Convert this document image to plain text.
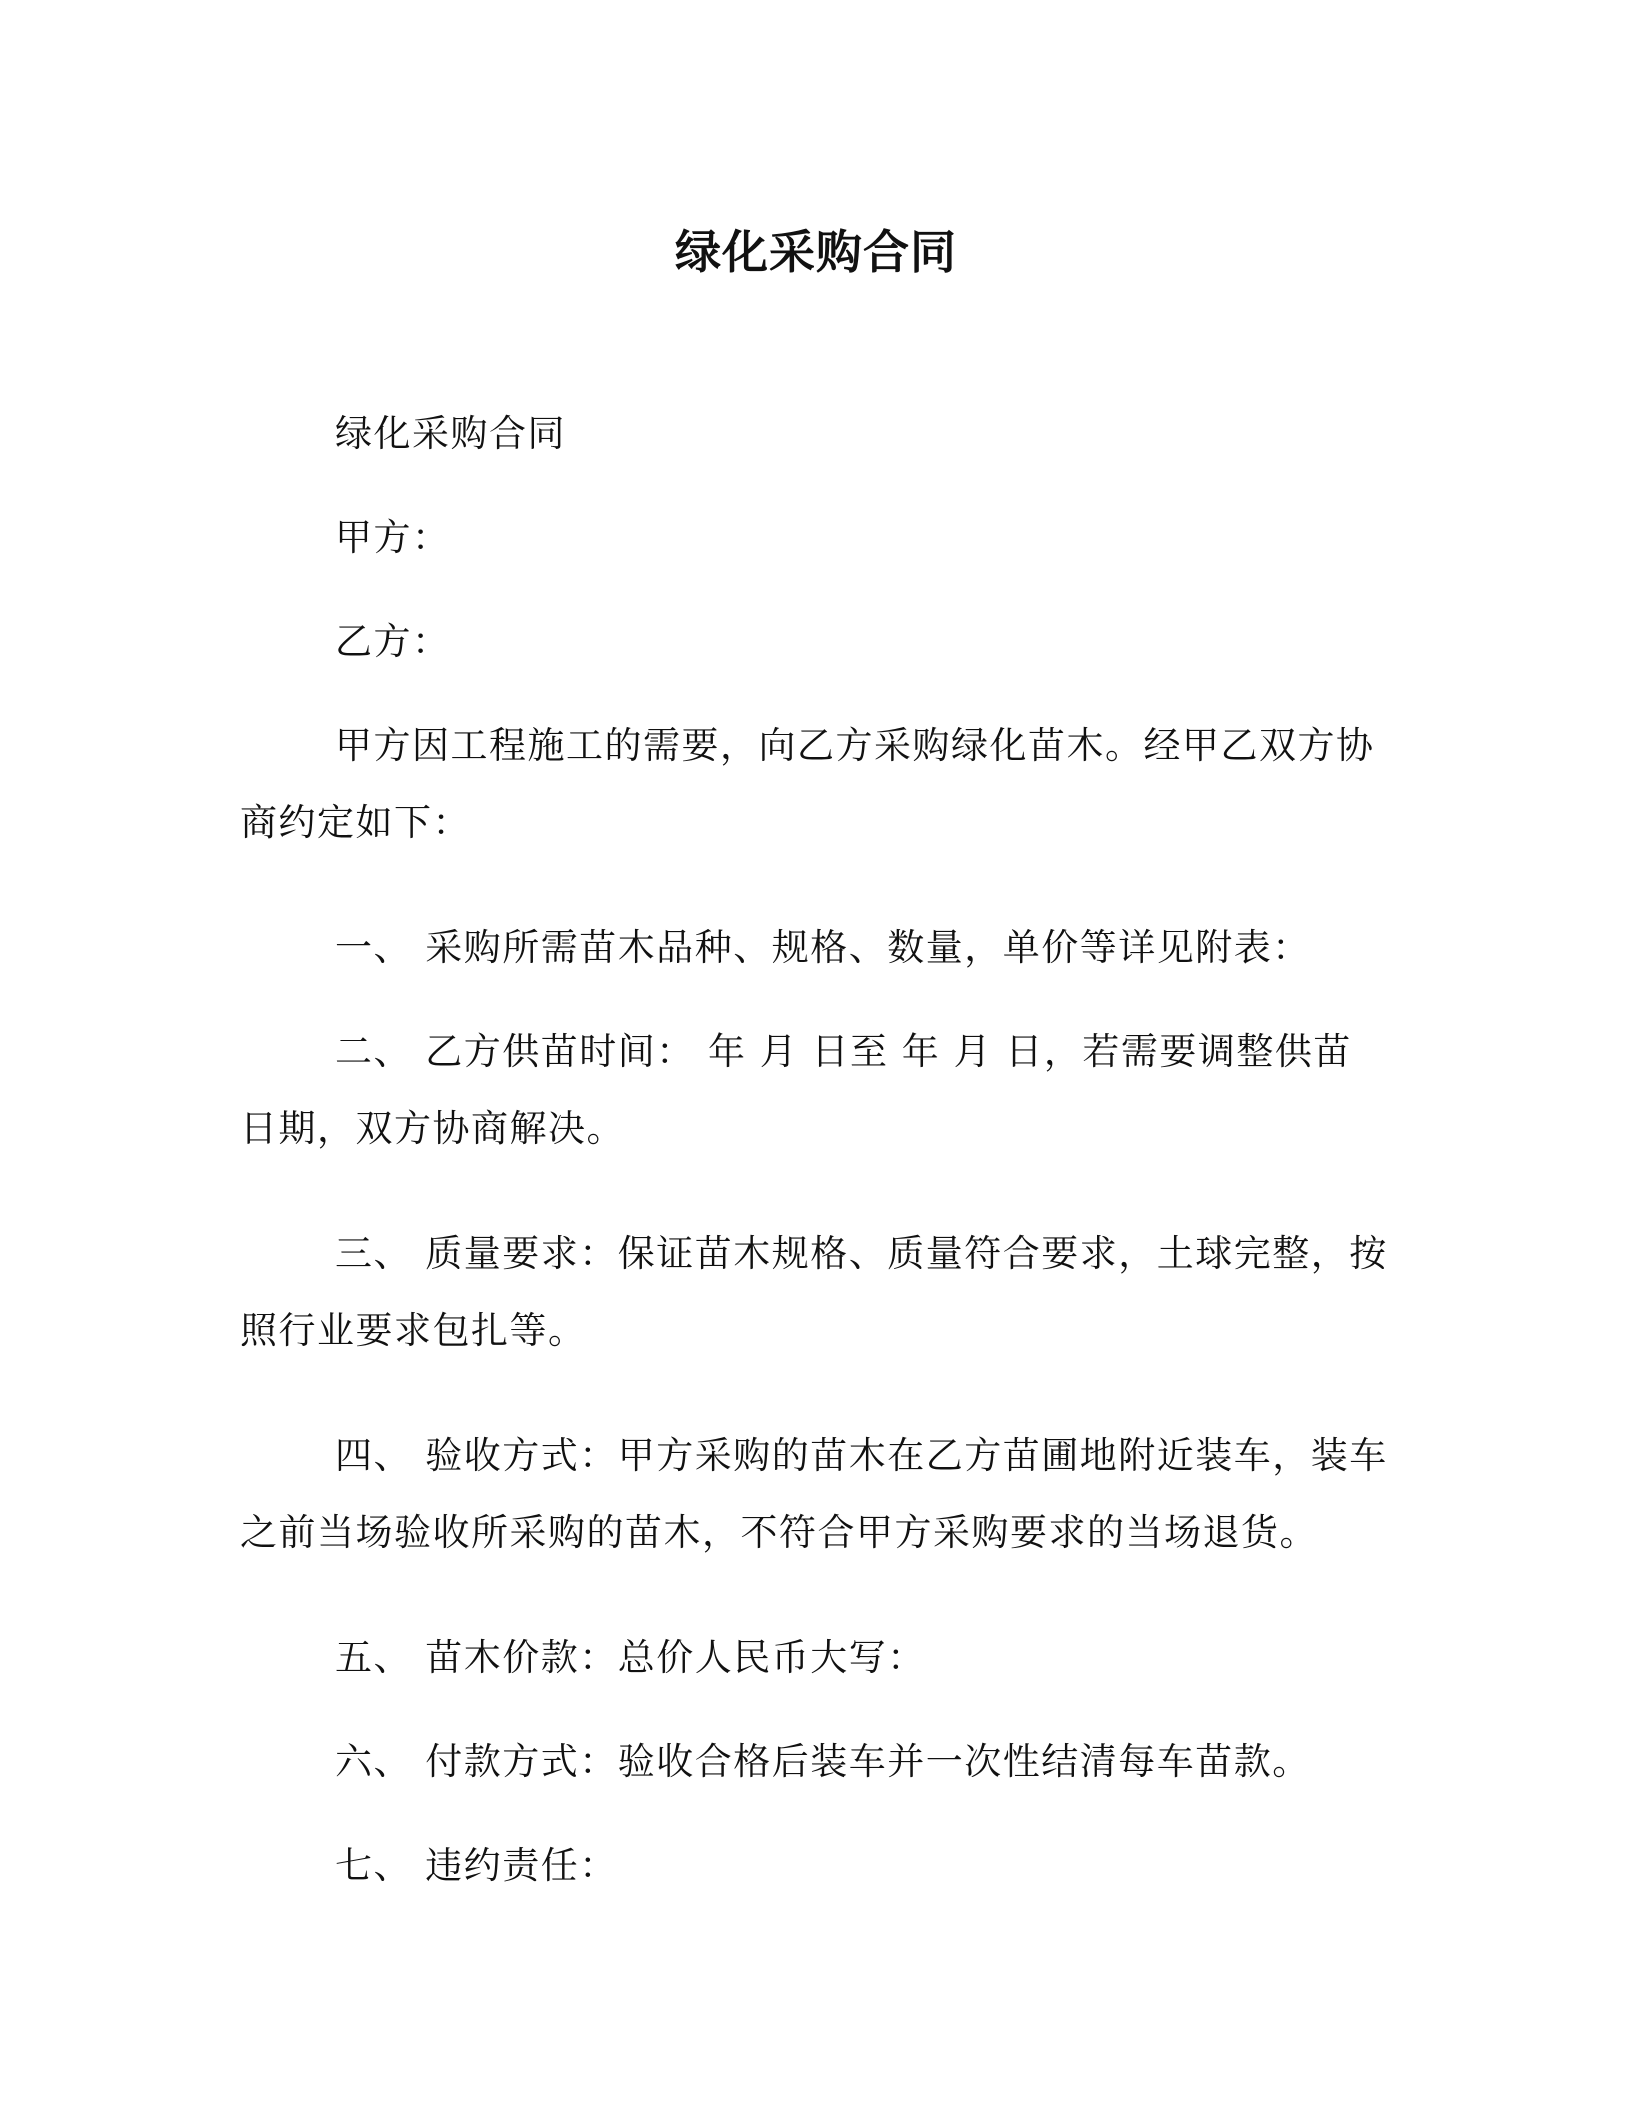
绿化采购合同

绿化采购合同

甲方：

乙方：

甲方因工程施工的需要，向乙方采购绿化苗木。经甲乙双方协商约定如下：

一、 采购所需苗木品种、规格、数量，单价等详见附表：

二、 乙方供苗时间： 年 月 日至 年 月 日，若需要调整供苗日期，双方协商解决。

三、 质量要求：保证苗木规格、质量符合要求，土球完整，按照行业要求包扎等。

四、 验收方式：甲方采购的苗木在乙方苗圃地附近装车，装车之前当场验收所采购的苗木，不符合甲方采购要求的当场退货。

五、 苗木价款：总价人民币大写：

六、 付款方式：验收合格后装车并一次性结清每车苗款。

七、 违约责任：
